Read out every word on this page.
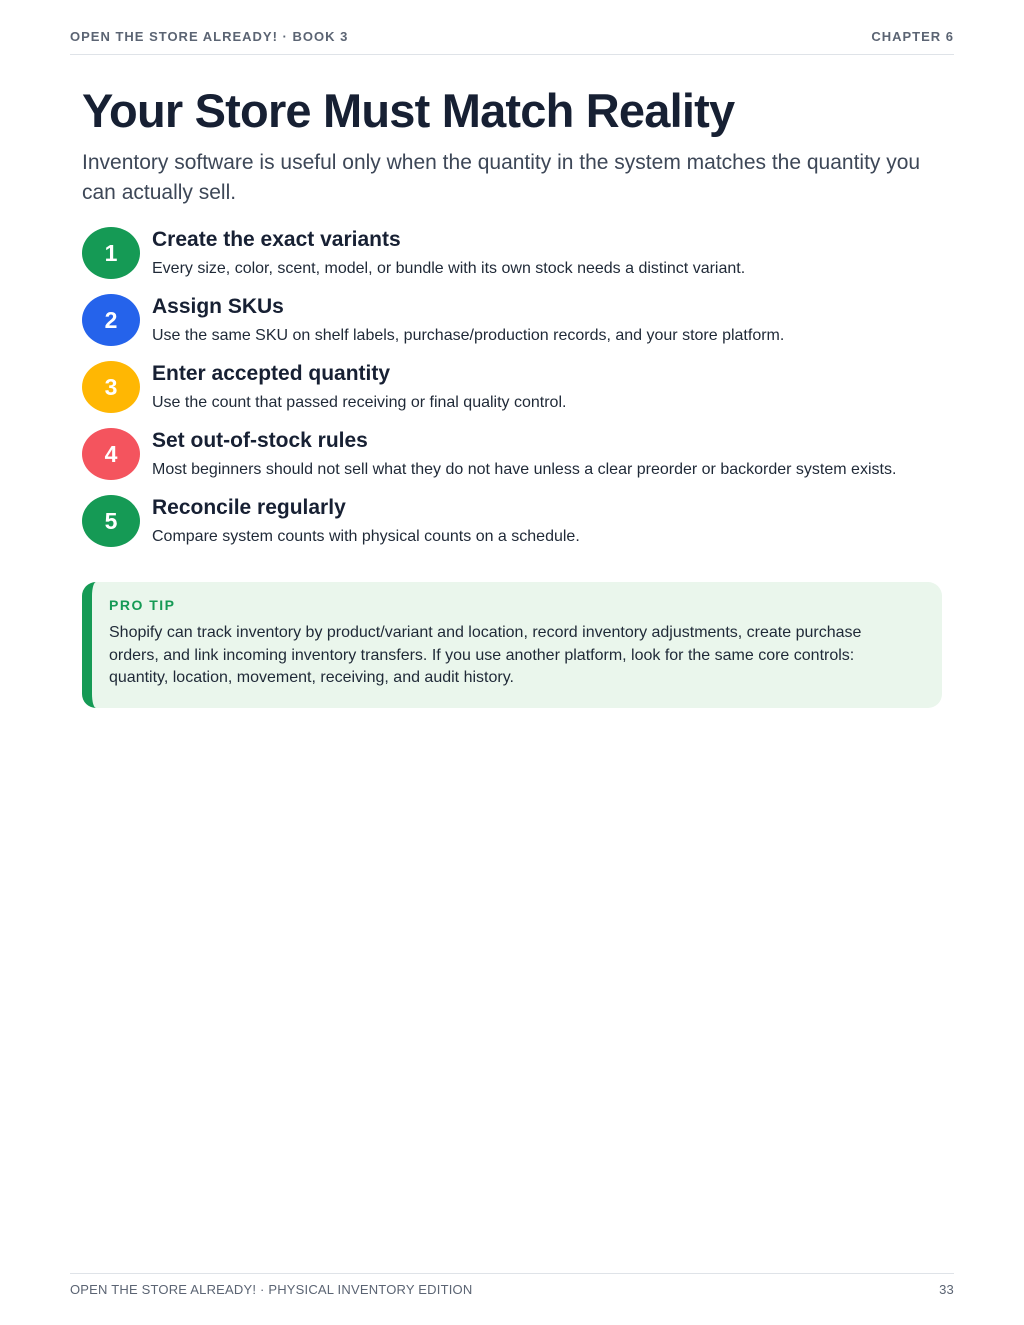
OPEN THE STORE ALREADY! · BOOK 3	CHAPTER 6
Your Store Must Match Reality

Inventory software is useful only when the quantity in the system matches the quantity you can actually sell.

1	Create the exact variants
Every size, color, scent, model, or bundle with its own stock needs a distinct variant.
2	Assign SKUs
Use the same SKU on shelf labels, purchase/production records, and your store platform.
3	Enter accepted quantity
Use the count that passed receiving or final quality control.
4	Set out-of-stock rules
Most beginners should not sell what they do not have unless a clear preorder or backorder system exists.
5	Reconcile regularly
Compare system counts with physical counts on a schedule.
PRO TIP

Shopify can track inventory by product/variant and location, record inventory adjustments, create purchase orders, and link incoming inventory transfers. If you use another platform, look for the same core controls: quantity, location, movement, receiving, and audit history.

OPEN THE STORE ALREADY! · PHYSICAL INVENTORY EDITION	33
